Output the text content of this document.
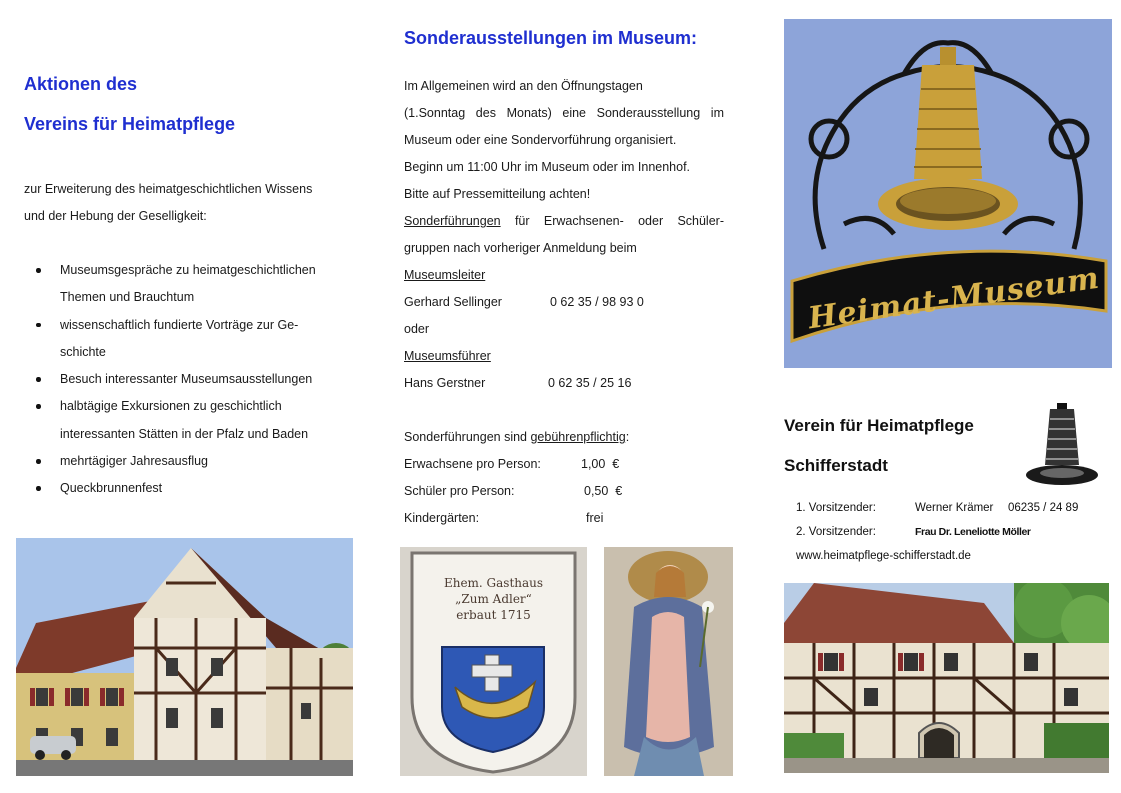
Aktionen des
Vereins für Heimatpflege
zur Erweiterung des heimatgeschichtlichen Wissens
und der Hebung der Geselligkeit:
Museumsgespräche zu heimatgeschichtlichen
Themen und Brauchtum
wissenschaftlich fundierte Vorträge zur Ge-
schichte
Besuch interessanter Museumsausstellungen
halbtägige Exkursionen zu geschichtlich
interessanten Stätten in der Pfalz und Baden
mehrtägiger Jahresausflug
Queckbrunnenfest
Sonderausstellungen im Museum:
Im Allgemeinen wird an den Öffnungstagen
(1.Sonntag des Monats) eine Sonderausstellung im
Museum oder eine Sondervorführung organisiert.
Beginn um 11:00 Uhr im Museum oder im Innenhof.
Bitte auf Pressemitteilung achten!
Sonderführungen für Erwachsenen- oder Schüler-
gruppen nach vorheriger Anmeldung beim
Museumsleiter
Gerhard Sellinger	0 62 35 / 98 93 0
oder
Museumsführer
Hans Gerstner	0 62 35 / 25 16
Sonderführungen sind gebührenpflichtig:
Erwachsene pro Person:	1,00  €
Schüler pro Person:	0,50  €
Kindergärten:	frei
Ehem. Gasthaus
„Zum Adler“
erbaut 1715
Heimat-Museum
Verein für Heimatpflege
Schifferstadt
1. Vorsitzender:	Werner Krämer	06235 / 24 89
2. Vorsitzender:	Frau Dr. Leneliotte Möller
www.heimatpflege-schifferstadt.de
